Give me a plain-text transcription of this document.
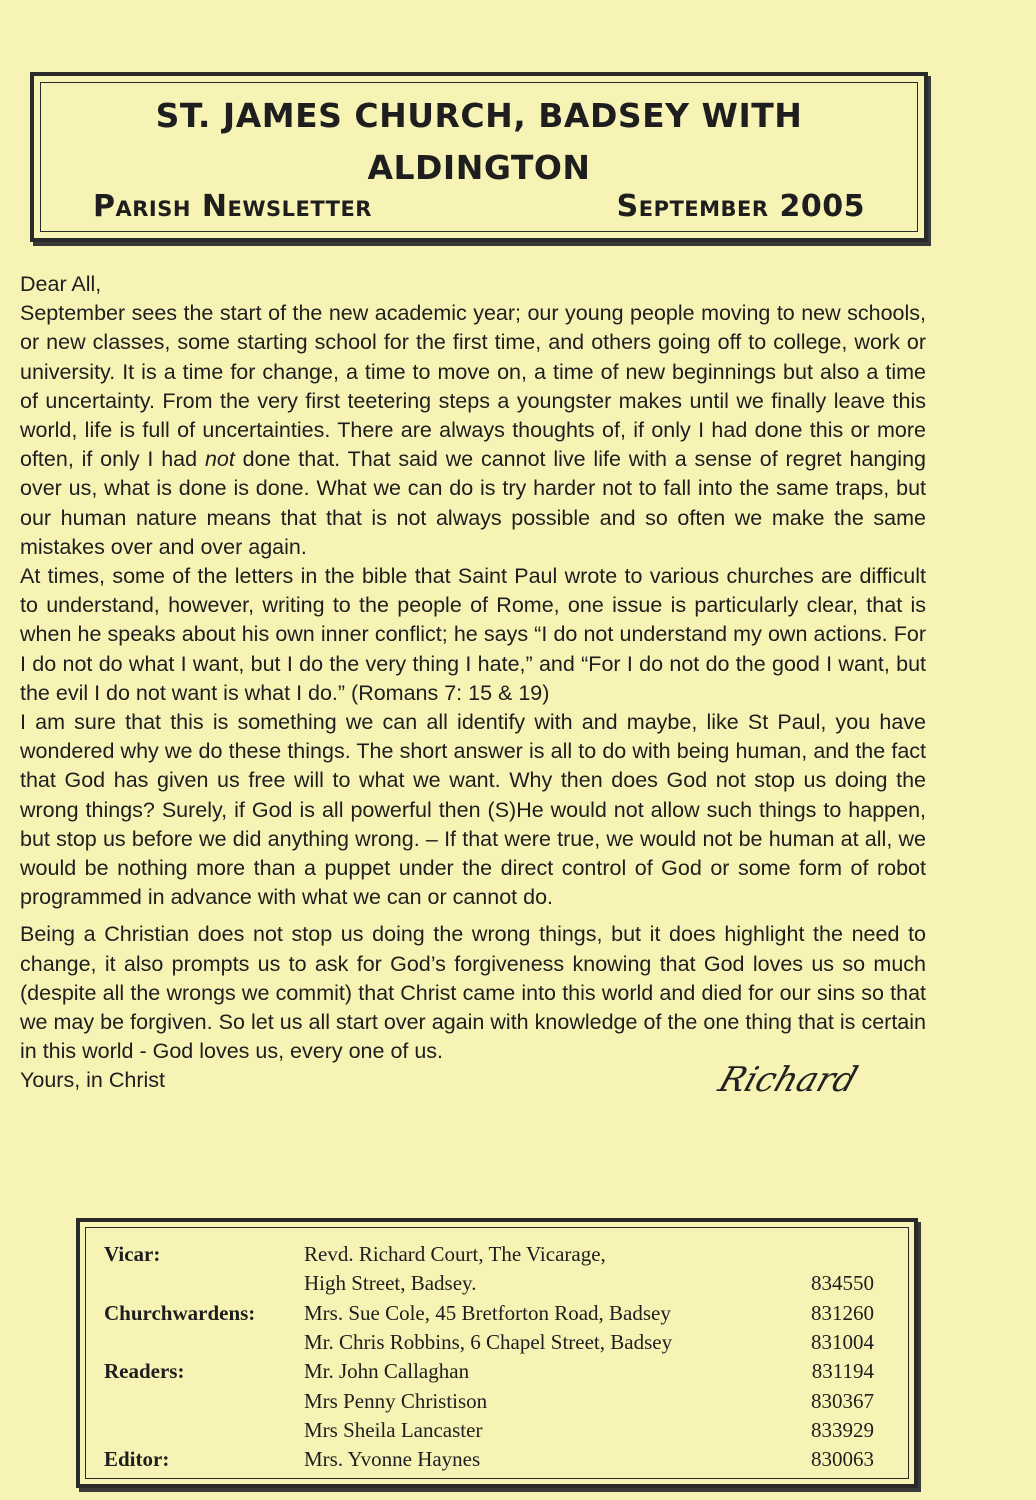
ST. JAMES CHURCH, BADSEY WITH
ALDINGTON
Parish Newsletter	September 2005

Dear All,

September sees the start of the new academic year; our young people moving to new schools, or new classes, some starting school for the first time, and others going off to college, work or university. It is a time for change, a time to move on, a time of new beginnings but also a time of uncertainty. From the very first teetering steps a youngster makes until we finally leave this world, life is full of uncertainties. There are always thoughts of, if only I had done this or more often, if only I had not done that. That said we cannot live life with a sense of regret hanging over us, what is done is done. What we can do is try harder not to fall into the same traps, but our human nature means that that is not always possible and so often we make the same mistakes over and over again.

At times, some of the letters in the bible that Saint Paul wrote to various churches are difficult to understand, however, writing to the people of Rome, one issue is particularly clear, that is when he speaks about his own inner conflict; he says “I do not understand my own actions. For I do not do what I want, but I do the very thing I hate,” and “For I do not do the good I want, but the evil I do not want is what I do.” (Romans 7: 15 & 19)

I am sure that this is something we can all identify with and maybe, like St Paul, you have wondered why we do these things. The short answer is all to do with being human, and the fact that God has given us free will to what we want. Why then does God not stop us doing the wrong things? Surely, if God is all powerful then (S)He would not allow such things to happen, but stop us before we did anything wrong. – If that were true, we would not be human at all, we would be nothing more than a puppet under the direct control of God or some form of robot programmed in advance with what we can or cannot do.

Being a Christian does not stop us doing the wrong things, but it does highlight the need to change, it also prompts us to ask for God’s forgiveness knowing that God loves us so much (despite all the wrongs we commit) that Christ came into this world and died for our sins so that we may be forgiven. So let us all start over again with knowledge of the one thing that is certain in this world - God loves us, every one of us.

Yours, in Christ	Richard
Vicar:	Revd. Richard Court, The Vicarage,	
	High Street, Badsey.	834550
Churchwardens:	Mrs. Sue Cole, 45 Bretforton Road, Badsey	831260
	Mr. Chris Robbins, 6 Chapel Street, Badsey	831004
Readers:	Mr. John Callaghan	831194
	Mrs Penny Christison	830367
	Mrs Sheila Lancaster	833929
Editor:	Mrs. Yvonne Haynes	830063
